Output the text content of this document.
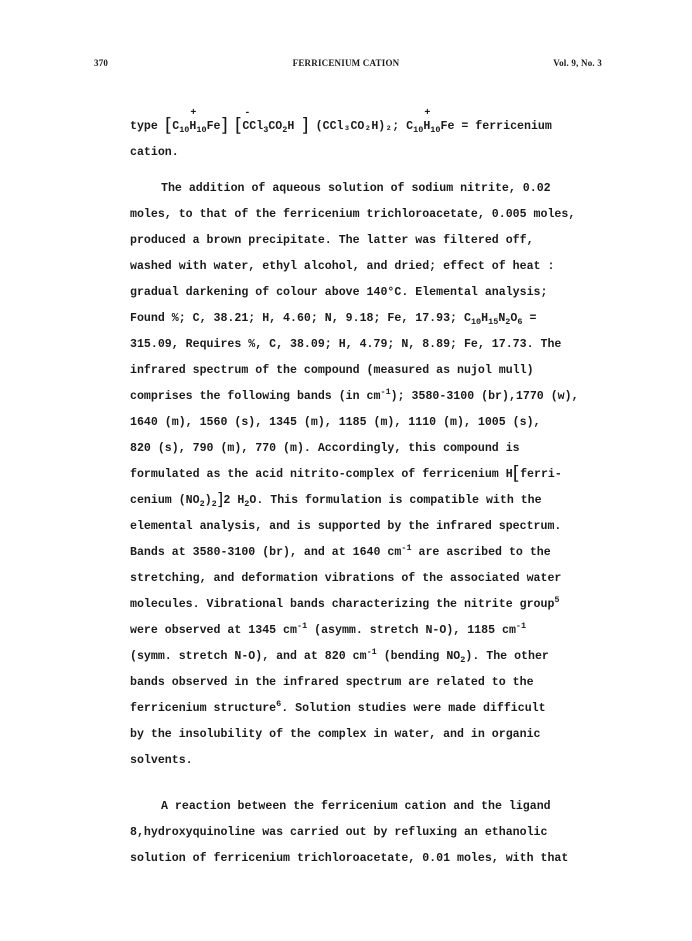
370	FERRICENIUM CATION	Vol. 9, No. 3
type [$C_{10}$
+
$H_{10}Fe$] [
-
$CCl_3CO_2H$ ] (CCl₃CO₂H)₂; $C_{10}$
+
$H_{10}Fe$ = ferricenium
cation.
The addition of aqueous solution of sodium nitrite, 0.02
moles, to that of the ferricenium trichloroacetate, 0.005 moles,
produced a brown precipitate. The latter was filtered off,
washed with water, ethyl alcohol, and dried; effect of heat :
gradual darkening of colour above 140°C. Elemental analysis;
Found %; C, 38.21; H, 4.60; N, 9.18; Fe, 17.93; $C_{10}H_{15}N_2O_6$ =
315.09, Requires %, C, 38.09; H, 4.79; N, 8.89; Fe, 17.73. The
infrared spectrum of the compound (measured as nujol mull)
comprises the following bands (in $cm^{-1}$); 3580-3100 (br),1770 (w),
1640 (m), 1560 (s), 1345 (m), 1185 (m), 1110 (m), 1005 (s),
820 (s), 790 (m), 770 (m). Accordingly, this compound is
formulated as the acid nitrito-complex of ferricenium H[ferri-
cenium $(NO_2)_2]2$ $H_2O$. This formulation is compatible with the
elemental analysis, and is supported by the infrared spectrum.
Bands at 3580-3100 (br), and at 1640 $cm^{-1}$ are ascribed to the
stretching, and deformation vibrations of the associated water
molecules. Vibrational bands characterizing the nitrite group$^5$
were observed at 1345 $cm^{-1}$ (asymm. stretch N-O), 1185 $cm^{-1}$
(symm. stretch N-O), and at 820 $cm^{-1}$ (bending $NO_2$). The other
bands observed in the infrared spectrum are related to the
ferricenium structure$^6$. Solution studies were made difficult
by the insolubility of the complex in water, and in organic
solvents.
A reaction between the ferricenium cation and the ligand
8,hydroxyquinoline was carried out by refluxing an ethanolic
solution of ferricenium trichloroacetate, 0.01 moles, with that
